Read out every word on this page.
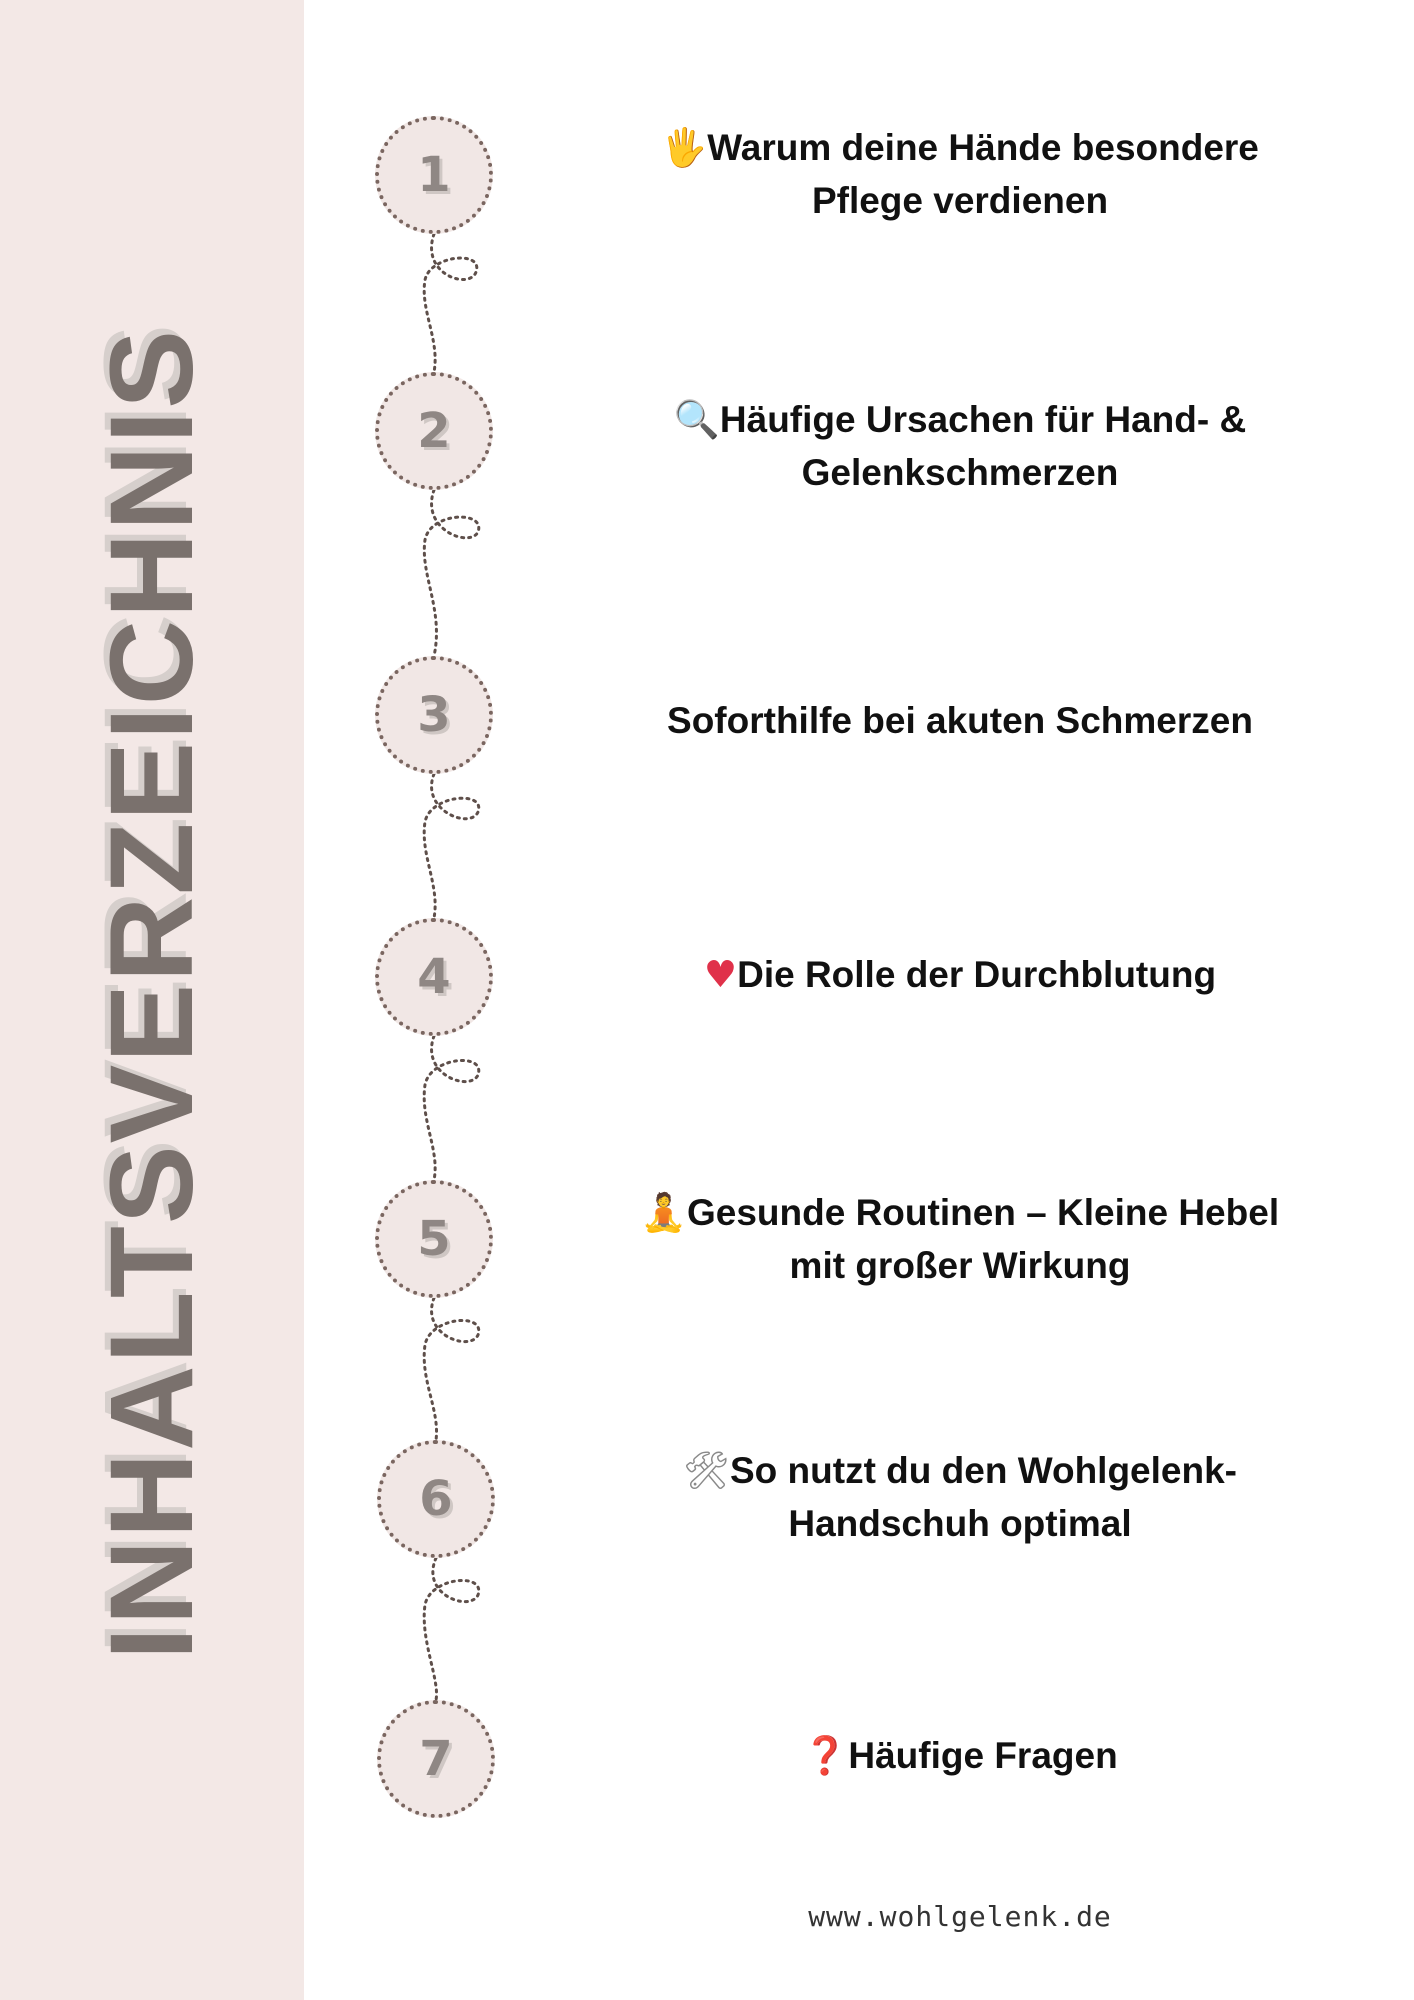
INHALTSVERZEICHNIS
1
2
3
4
5
6
7
🖐Warum deine Hände besondere
Pflege verdienen
🔍Häufige Ursachen für Hand- &
Gelenkschmerzen
Soforthilfe bei akuten Schmerzen
♥Die Rolle der Durchblutung
🧘Gesunde Routinen – Kleine Hebel
mit großer Wirkung
🛠So nutzt du den Wohlgelenk-
Handschuh optimal
❓Häufige Fragen
www.wohlgelenk.de
